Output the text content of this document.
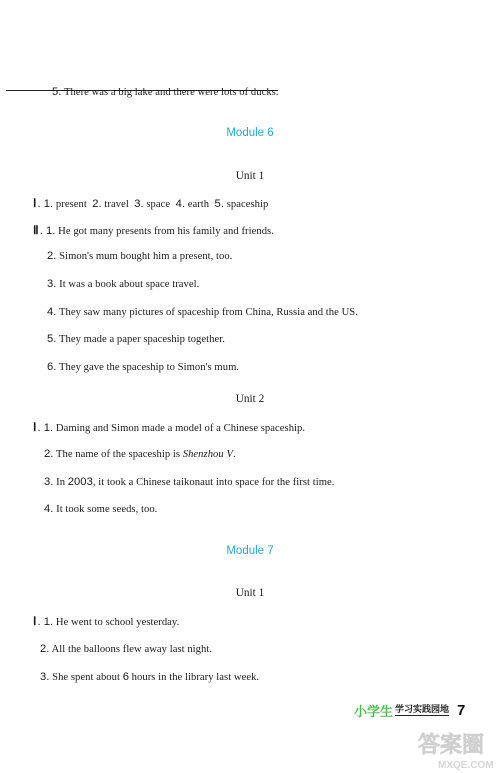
5. There was a big lake and there were lots of ducks.
Module 6
Unit 1
Ⅰ. 1. present 2. travel 3. space 4. earth 5. spaceship
Ⅱ. 1. He got many presents from his family and friends.
2. Simon's mum bought him a present, too.
3. It was a book about space travel.
4. They saw many pictures of spaceship from China, Russia and the US.
5. They made a paper spaceship together.
6. They gave the spaceship to Simon's mum.
Unit 2
Ⅰ. 1. Daming and Simon made a model of a Chinese spaceship.
2. The name of the spaceship is Shenzhou V.
3. In 2003, it took a Chinese taikonaut into space for the first time.
4. It took some seeds, too.
Module 7
Unit 1
Ⅰ. 1. He went to school yesterday.
2. All the balloons flew away last night.
3. She spent about 6 hours in the library last week.
小学生 学习实践园地 7
答案圈
MXQE.COM
